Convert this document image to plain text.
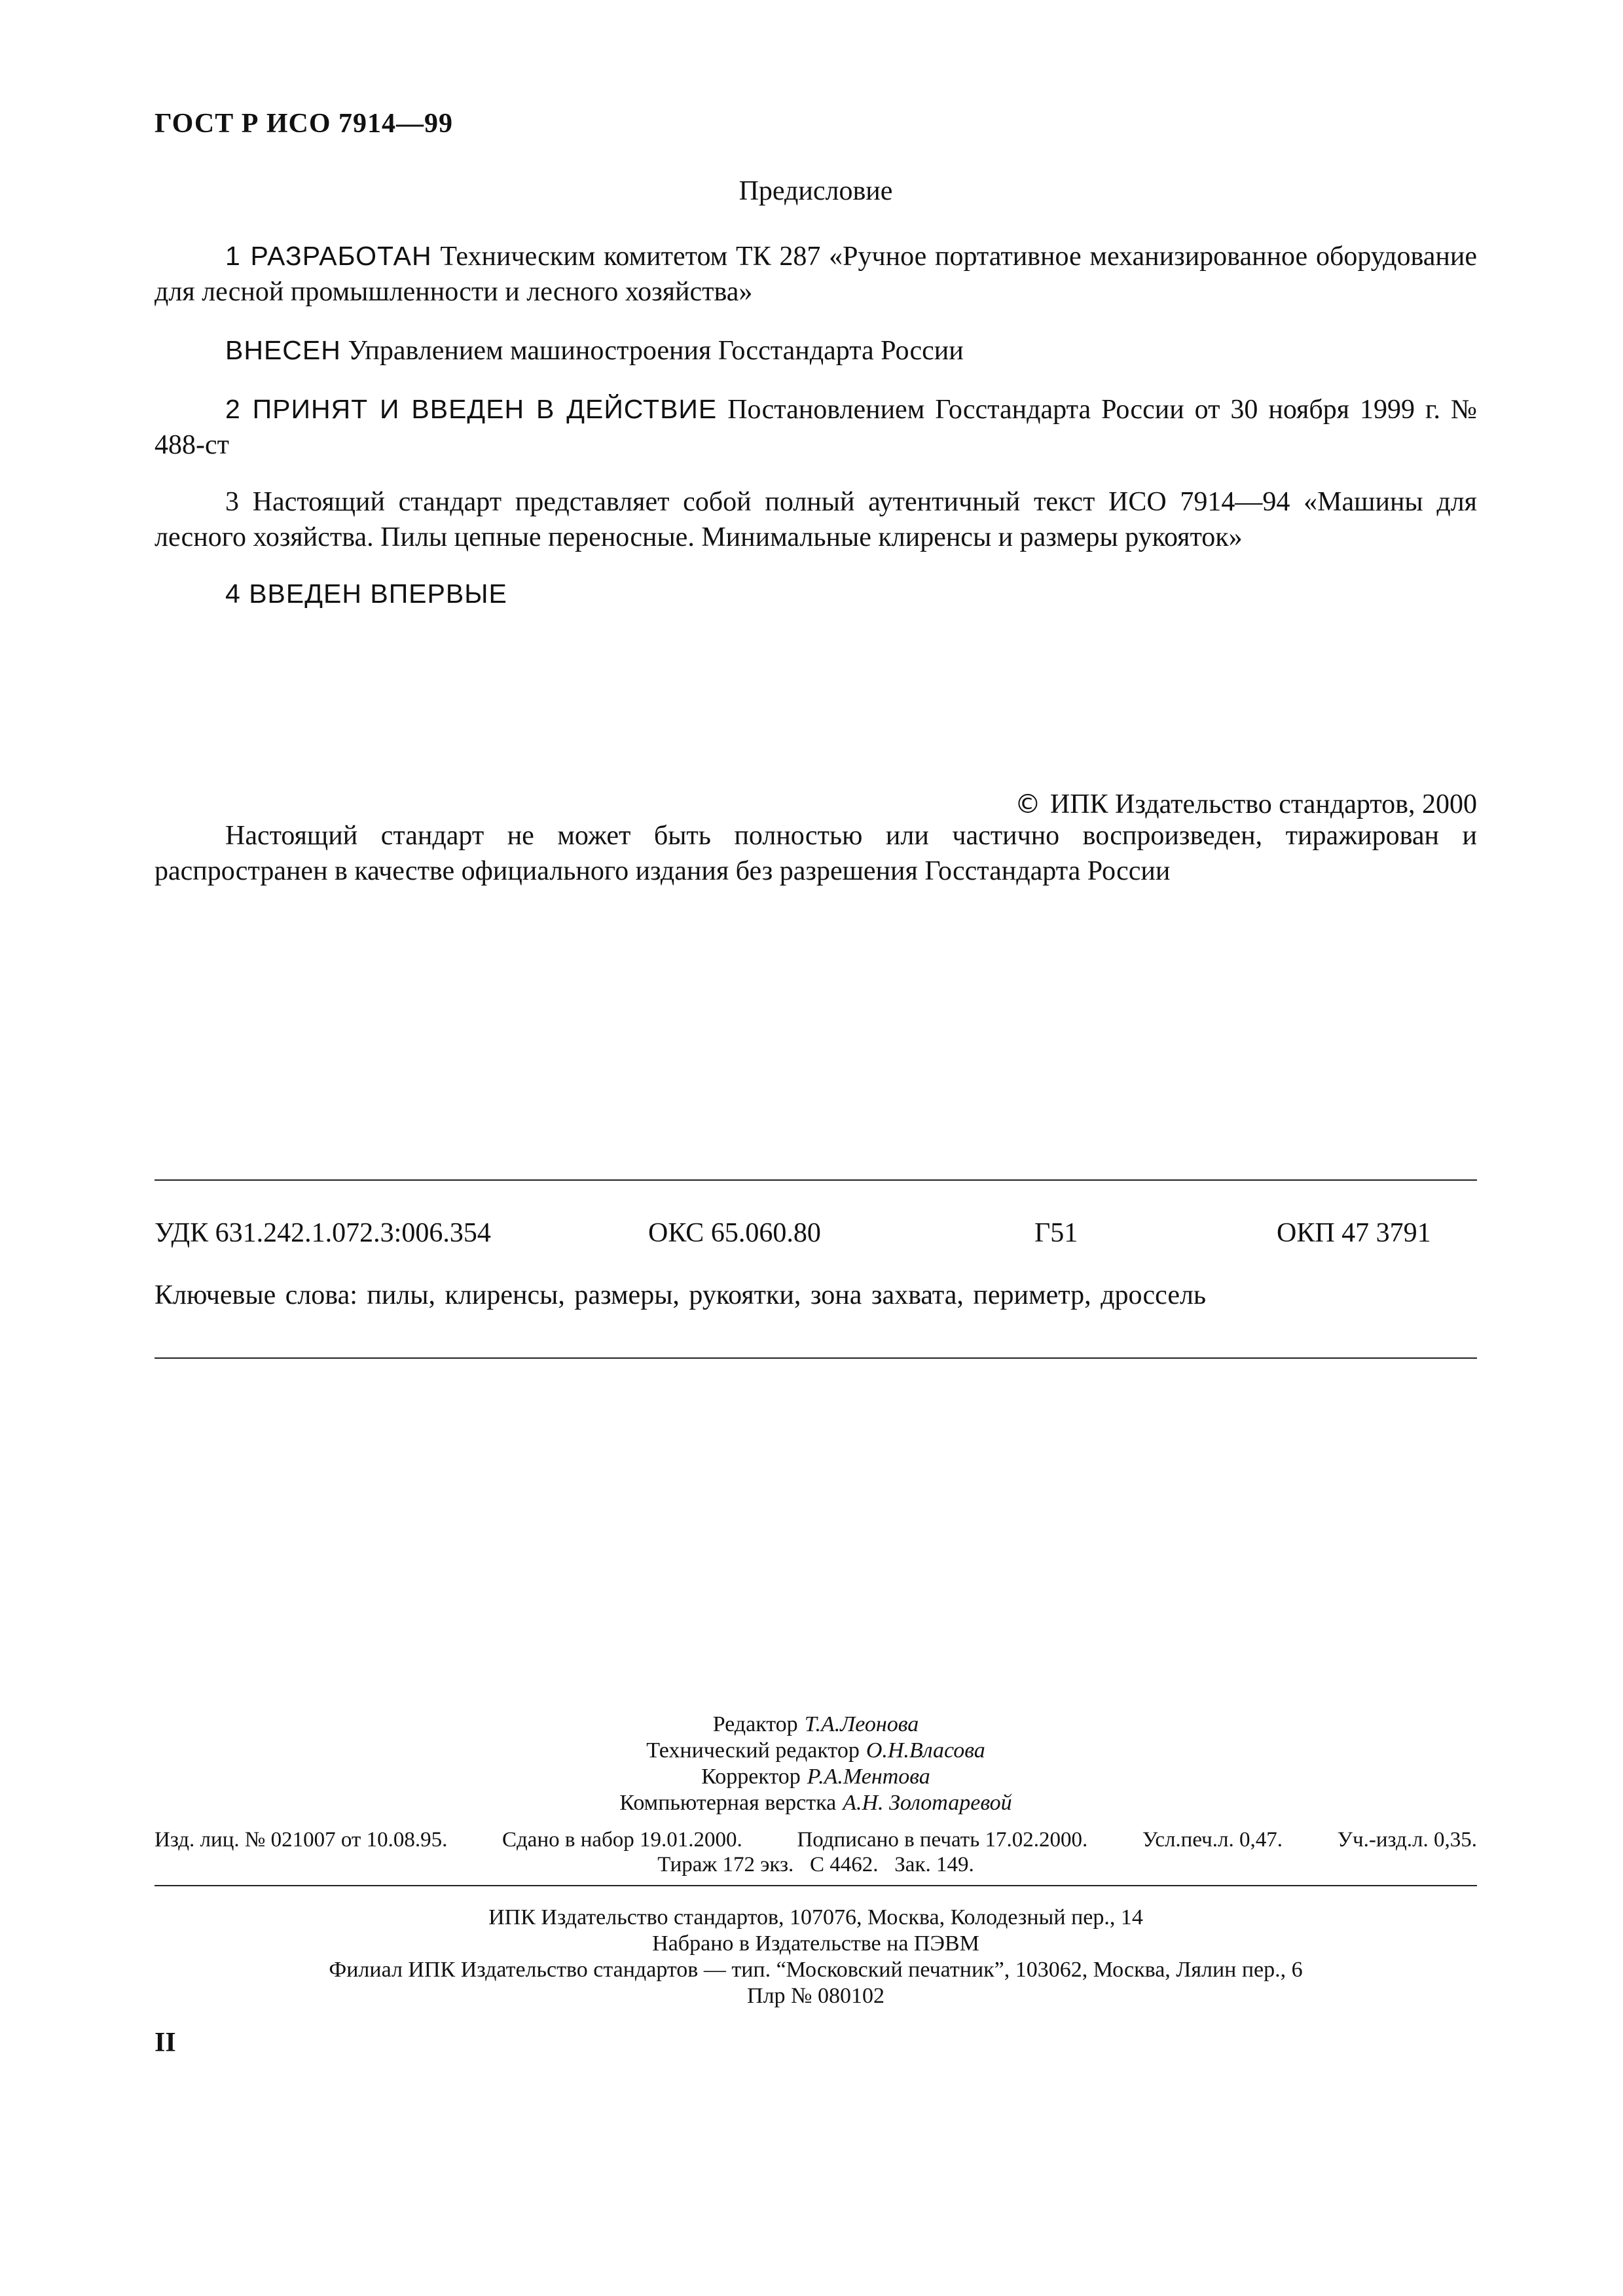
ГОСТ Р ИСО 7914—99
Предисловие

1 РАЗРАБОТАН Техническим комитетом ТК 287 «Ручное портативное механизированное оборудование для лесной промышленности и лесного хозяйства»

ВНЕСЕН Управлением машиностроения Госстандарта России

2 ПРИНЯТ И ВВЕДЕН В ДЕЙСТВИЕ Постановлением Госстандарта России от 30 ноября 1999 г. № 488-ст

3 Настоящий стандарт представляет собой полный аутентичный текст ИСО 7914—94 «Машины для лесного хозяйства. Пилы цепные переносные. Минимальные клиренсы и размеры рукояток»

4 ВВЕДЕН ВПЕРВЫЕ

© ИПК Издательство стандартов, 2000

Настоящий стандарт не может быть полностью или частично воспроизведен, тиражирован и распространен в качестве официального издания без разрешения Госстандарта России

УДК 631.242.1.072.3:006.354	ОКС 65.060.80	Г51	ОКП 47 3791
Ключевые слова: пилы, клиренсы, размеры, рукоятки, зона захвата, периметр, дроссель
Редактор Т.А.Леонова
Технический редактор О.Н.Власова
Корректор Р.А.Ментова
Компьютерная верстка А.Н. Золотаревой
Изд. лиц. № 021007 от 10.08.95.	Сдано в набор 19.01.2000.	Подписано в печать 17.02.2000.	Усл.печ.л. 0,47.	Уч.-изд.л. 0,35.
Тираж 172 экз. С 4462. Зак. 149.
ИПК Издательство стандартов, 107076, Москва, Колодезный пер., 14
Набрано в Издательстве на ПЭВМ
Филиал ИПК Издательство стандартов — тип. “Московский печатник”, 103062, Москва, Лялин пер., 6
Плр № 080102
II
